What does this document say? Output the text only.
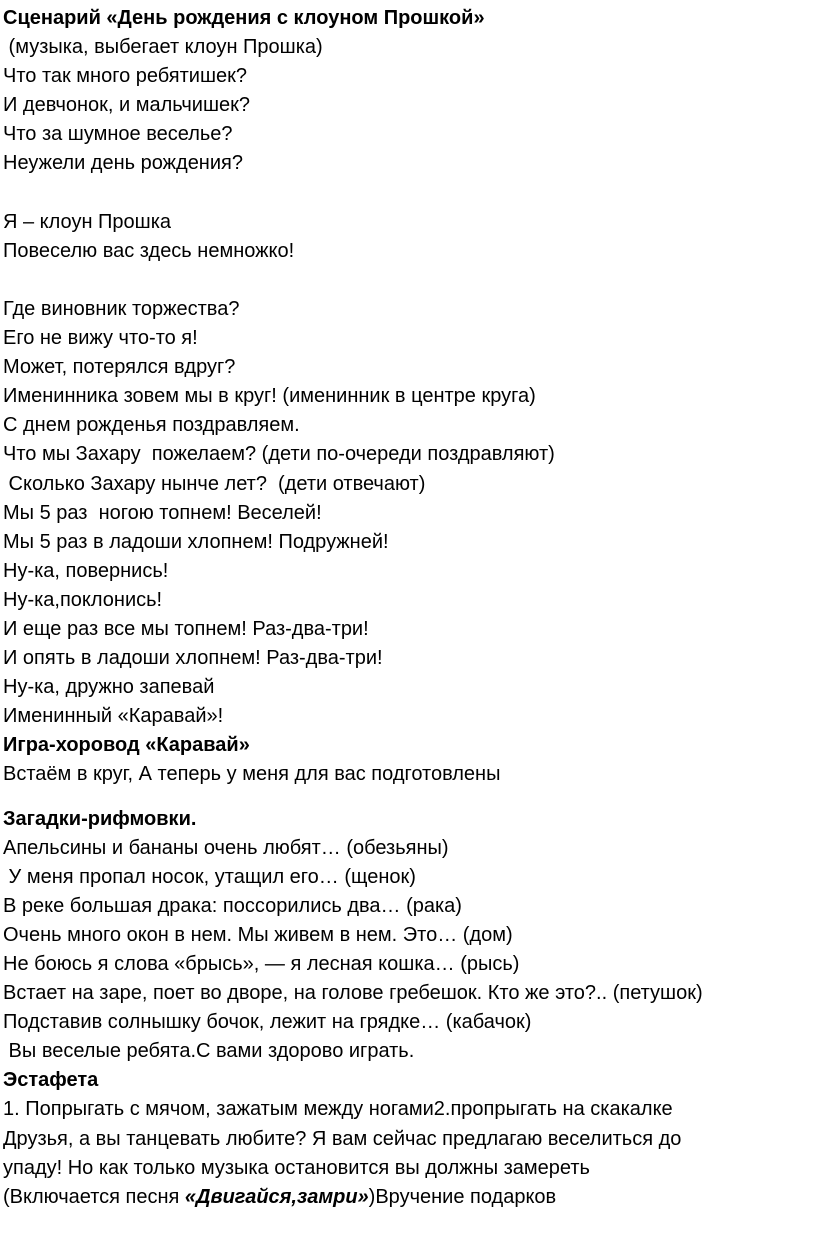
Сценарий «День рождения с клоуном Прошкой»

(музыка, выбегает клоун Прошка)

Что так много ребятишек?

И девчонок, и мальчишек?

Что за шумное веселье?

Неужели день рождения?

Я – клоун Прошка

Повеселю вас здесь немножко!

Где виновник торжества?

Его не вижу что-то я!

Может, потерялся вдруг?

Именинника зовем мы в круг! (именинник в центре круга)

С днем рожденья поздравляем.

Что мы Захару  пожелаем? (дети по-очереди поздравляют)

Сколько Захару нынче лет?  (дети отвечают)

Мы 5 раз  ногою топнем! Веселей!

Мы 5 раз в ладоши хлопнем! Подружней!

Ну-ка, повернись!

Ну-ка,поклонись!

И еще раз все мы топнем! Раз-два-три!

И опять в ладоши хлопнем! Раз-два-три!

Ну-ка, дружно запевай

Именинный «Каравай»!

Игра-хоровод «Каравай»

Встаём в круг, А теперь у меня для вас подготовлены

Загадки-рифмовки.

Апельсины и бананы очень любят… (обезьяны)

У меня пропал носок, утащил его… (щенок)

В реке большая драка: поссорились два… (рака)

Очень много окон в нем. Мы живем в нем. Это… (дом)

Не боюсь я слова «брысь», — я лесная кошка… (рысь)

Встает на заре, поет во дворе, на голове гребешок. Кто же это?.. (петушок)

Подставив солнышку бочок, лежит на грядке… (кабачок)

Вы веселые ребята.С вами здорово играть.

Эстафета

1. Попрыгать с мячом, зажатым между ногами2.пропрыгать на скакалке

Друзья, а вы танцевать любите? Я вам сейчас предлагаю веселиться до

упаду! Но как только музыка остановится вы должны замереть

(Включается песня «Двигайся,замри»)Вручение подарков
